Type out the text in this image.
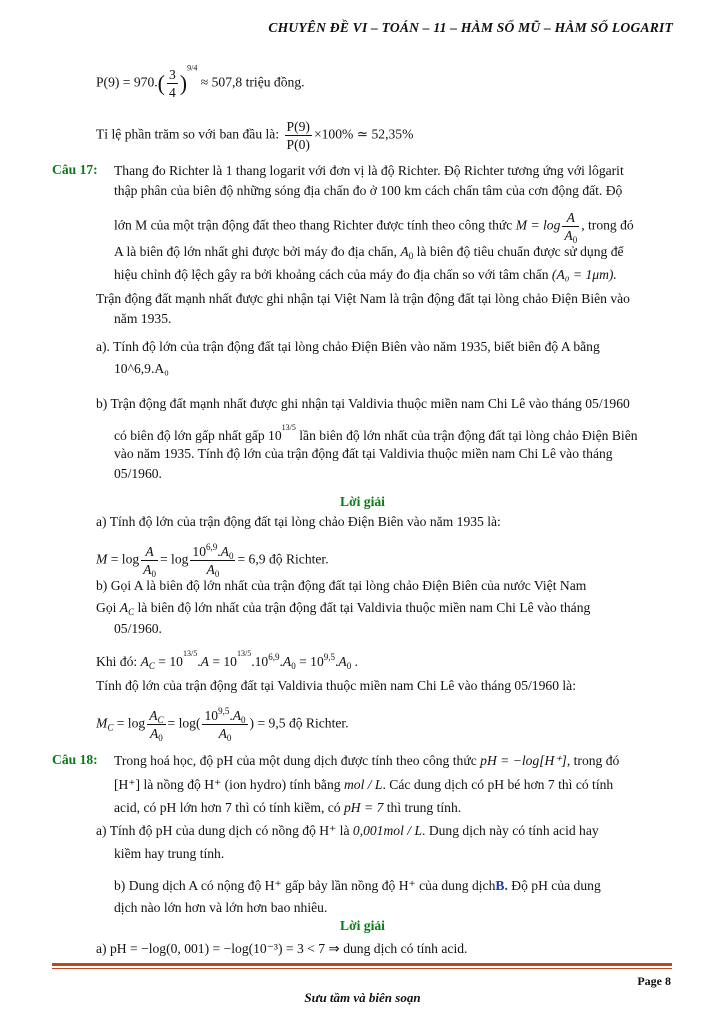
CHUYÊN ĐỀ VI – TOÁN – 11 – HÀM SỐ MŨ – HÀM SỐ LOGARIT
$P(9) = 970.( \frac{3}{4} )^{9/4} \approx 507,8$ triệu đồng.
Tỉ lệ phần trăm so với ban đầu là: $\frac{P(9)}{P(0)} \times 100\%$ ≃ 52,35%
Câu 17: Thang đo Richter là 1 thang logarit với đơn vị là độ Richter. Độ Richter tương ứng với lôgarit
thập phân của biên độ những sóng địa chấn đo ở 100 km cách chấn tâm của cơn động đất. Độ
lớn M của một trận động đất theo thang Richter được tính theo công thức $M = \log \frac{A}{A_0}$ , trong đó
A là biên độ lớn nhất ghi được bởi máy đo địa chấn, $A_0$ là biên độ tiêu chuẩn được sử dụng để
hiệu chỉnh độ lệch gây ra bởi khoảng cách của máy đo địa chấn so với tâm chấn (A₀ = 1μm).
Trận động đất mạnh nhất được ghi nhận tại Việt Nam là trận động đất tại lòng chảo Điện Biên vào
năm 1935.
a). Tính độ lớn của trận động đất tại lòng chảo Điện Biên vào năm 1935, biết biên độ A bằng
10^6,9.A₀
b) Trận động đất mạnh nhất được ghi nhận tại Valdivia thuộc miền nam Chi Lê vào tháng 05/1960
có biên độ lớn gấp nhất gấp $10^{13/5}$ lần biên độ lớn nhất của trận động đất tại lòng chảo Điện Biên
vào năm 1935. Tính độ lớn của trận động đất tại Valdivia thuộc miền nam Chi Lê vào tháng
05/1960.
Lời giải
a) Tính độ lớn của trận động đất tại lòng chảo Điện Biên vào năm 1935 là:
$M = \log \frac{A}{A_0} = \log \frac{10^{6,9}.A_0}{A_0} = 6,9$ độ Richter.
b) Gọi A là biên độ lớn nhất của trận động đất tại lòng chảo Điện Biên của nước Việt Nam
Gọi $A_C$ là biên độ lớn nhất của trận động đất tại Valdivia thuộc miền nam Chi Lê vào tháng
05/1960.
Khi đó: $A_C = 10^{13/5}.A = 10^{13/5}.10^{6,9}.A_0 = 10^{9,5}.A_0$ .
Tính độ lớn của trận động đất tại Valdivia thuộc miền nam Chi Lê vào tháng 05/1960 là:
$M_C = \log \frac{A_C}{A_0} = \log( \frac{10^{9,5}.A_0}{A_0}$ ) = 9,5 độ Richter.
Câu 18: Trong hoá học, độ pH của một dung dịch được tính theo công thức pH = −log[H⁺], trong đó
[H⁺] là nồng độ H⁺ (ion hydro) tính bằng mol / L. Các dung dịch có pH bé hơn 7 thì có tính
acid, có pH lớn hơn 7 thì có tính kiềm, có pH = 7 thì trung tính.
a) Tính độ pH của dung dịch có nồng độ H⁺ là 0,001mol / L. Dung dịch này có tính acid hay
kiềm hay trung tính.
b) Dung dịch A có nộng độ H⁺ gấp bảy lần nồng độ H⁺ của dung dịchB. Độ pH của dung
dịch nào lớn hơn và lớn hơn bao nhiêu.
Lời giải
a) pH = −log(0, 001) = −log(10⁻³) = 3 < 7 ⇒ dung dịch có tính acid.
Page 8
Sưu tầm và biên soạn
